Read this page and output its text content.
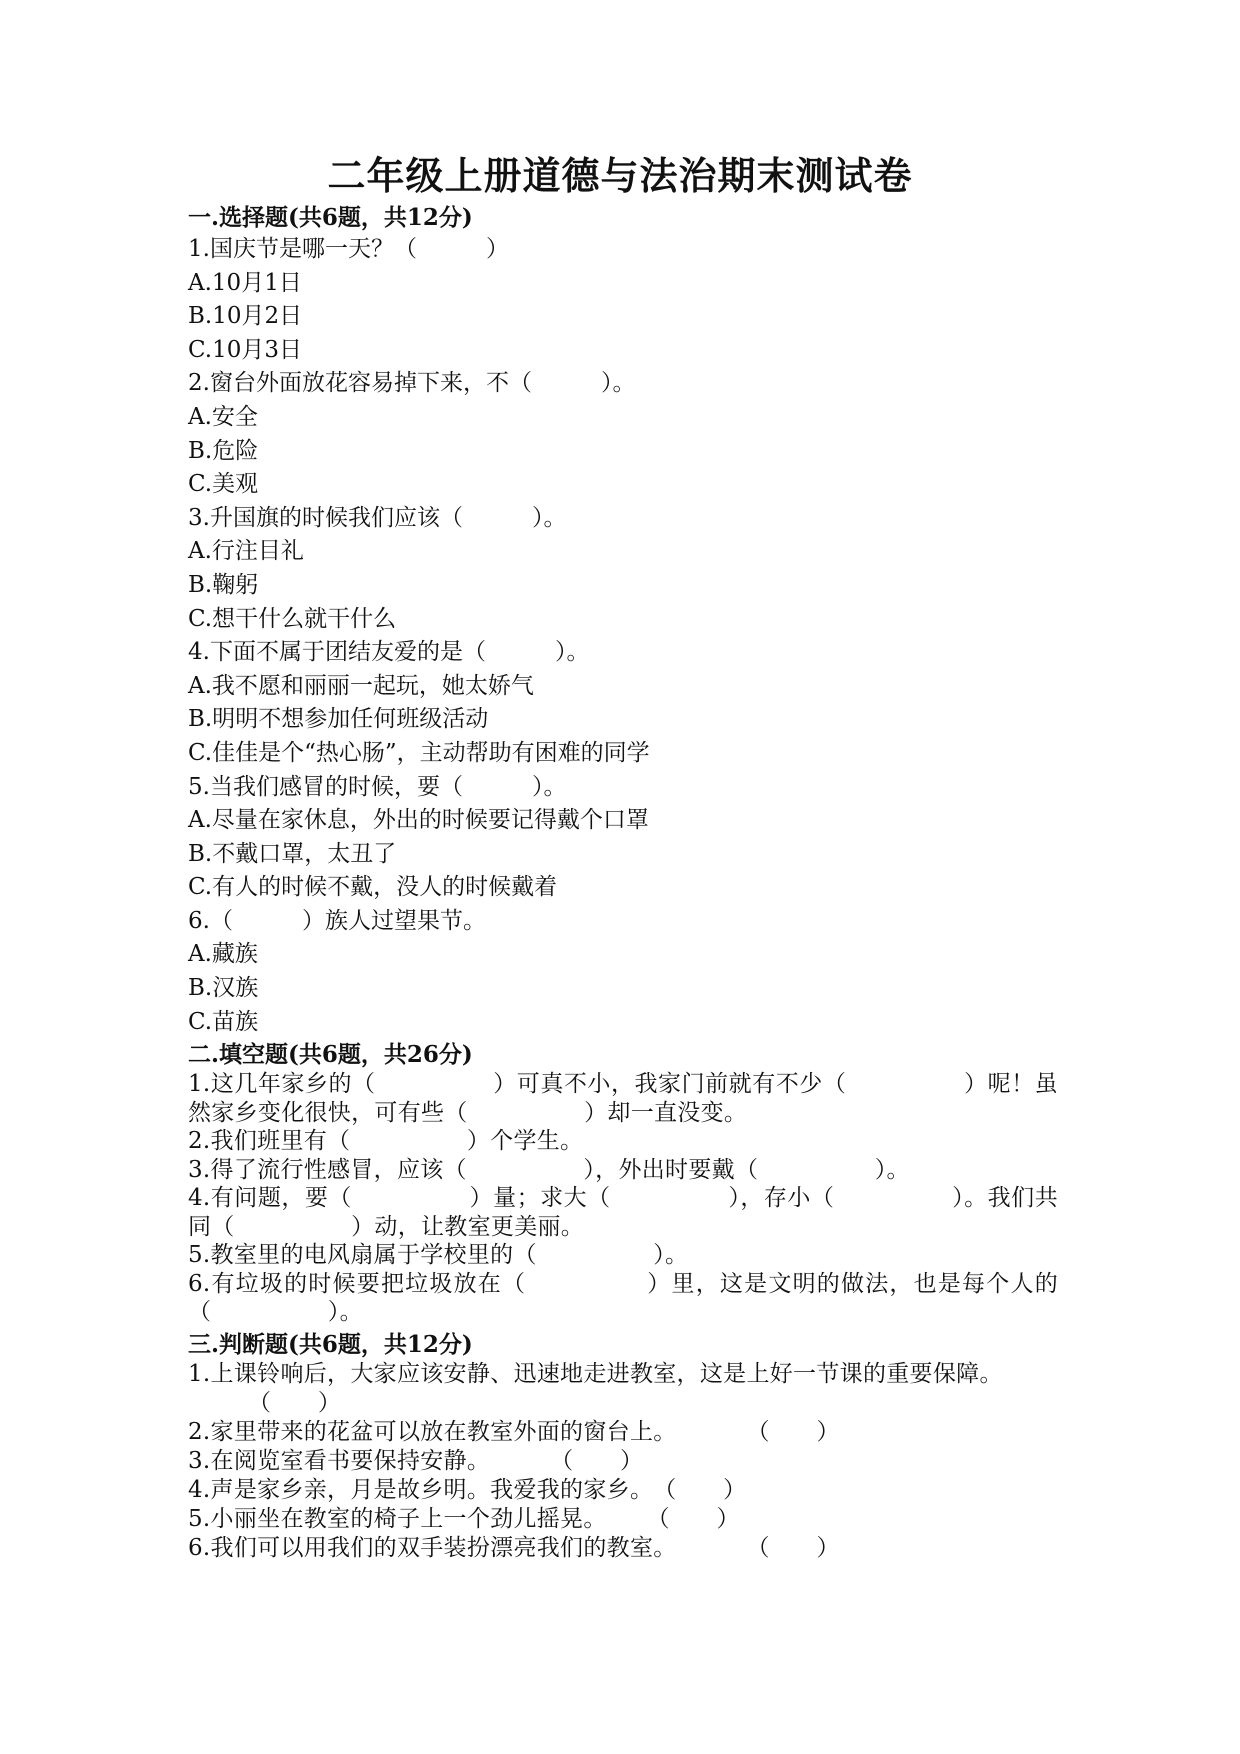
二年级上册道德与法治期末测试卷
一.选择题(共6题，共12分)
1.国庆节是哪一天？（　　　）
A.10月1日
B.10月2日
C.10月3日
2.窗台外面放花容易掉下来，不（　　　）。
A.安全
B.危险
C.美观
3.升国旗的时候我们应该（　　　）。
A.行注目礼
B.鞠躬
C.想干什么就干什么
4.下面不属于团结友爱的是（　　　）。
A.我不愿和丽丽一起玩，她太娇气
B.明明不想参加任何班级活动
C.佳佳是个“热心肠”，主动帮助有困难的同学
5.当我们感冒的时候，要（　　　）。
A.尽量在家休息，外出的时候要记得戴个口罩
B.不戴口罩，太丑了
C.有人的时候不戴，没人的时候戴着
6.（　　　）族人过望果节。
A.藏族
B.汉族
C.苗族
二.填空题(共6题，共26分)

1.这几年家乡的（　　　　　）可真不小，我家门前就有不少（　　　　　）呢！虽然家乡变化很快，可有些（　　　　　）却一直没变。

2.我们班里有（　　　　　）个学生。

3.得了流行性感冒，应该（　　　　　），外出时要戴（　　　　　）。

4.有问题，要（　　　　　）量；求大（　　　　　），存小（　　　　　）。我们共同（　　　　　）动，让教室更美丽。

5.教室里的电风扇属于学校里的（　　　　　）。

6.有垃圾的时候要把垃圾放在（　　　　　）里，这是文明的做法，也是每个人的（　　　　　）。

三.判断题(共6题，共12分)

1.上课铃响后，大家应该安静、迅速地走进教室，这是上好一节课的重要保障。
（　　）

2.家里带来的花盆可以放在教室外面的窗台上。	（　　）

3.在阅览室看书要保持安静。	（　　）

4.声是家乡亲，月是故乡明。我爱我的家乡。（　　）

5.小丽坐在教室的椅子上一个劲儿摇晃。 （　　）

6.我们可以用我们的双手装扮漂亮我们的教室。	（　　）
